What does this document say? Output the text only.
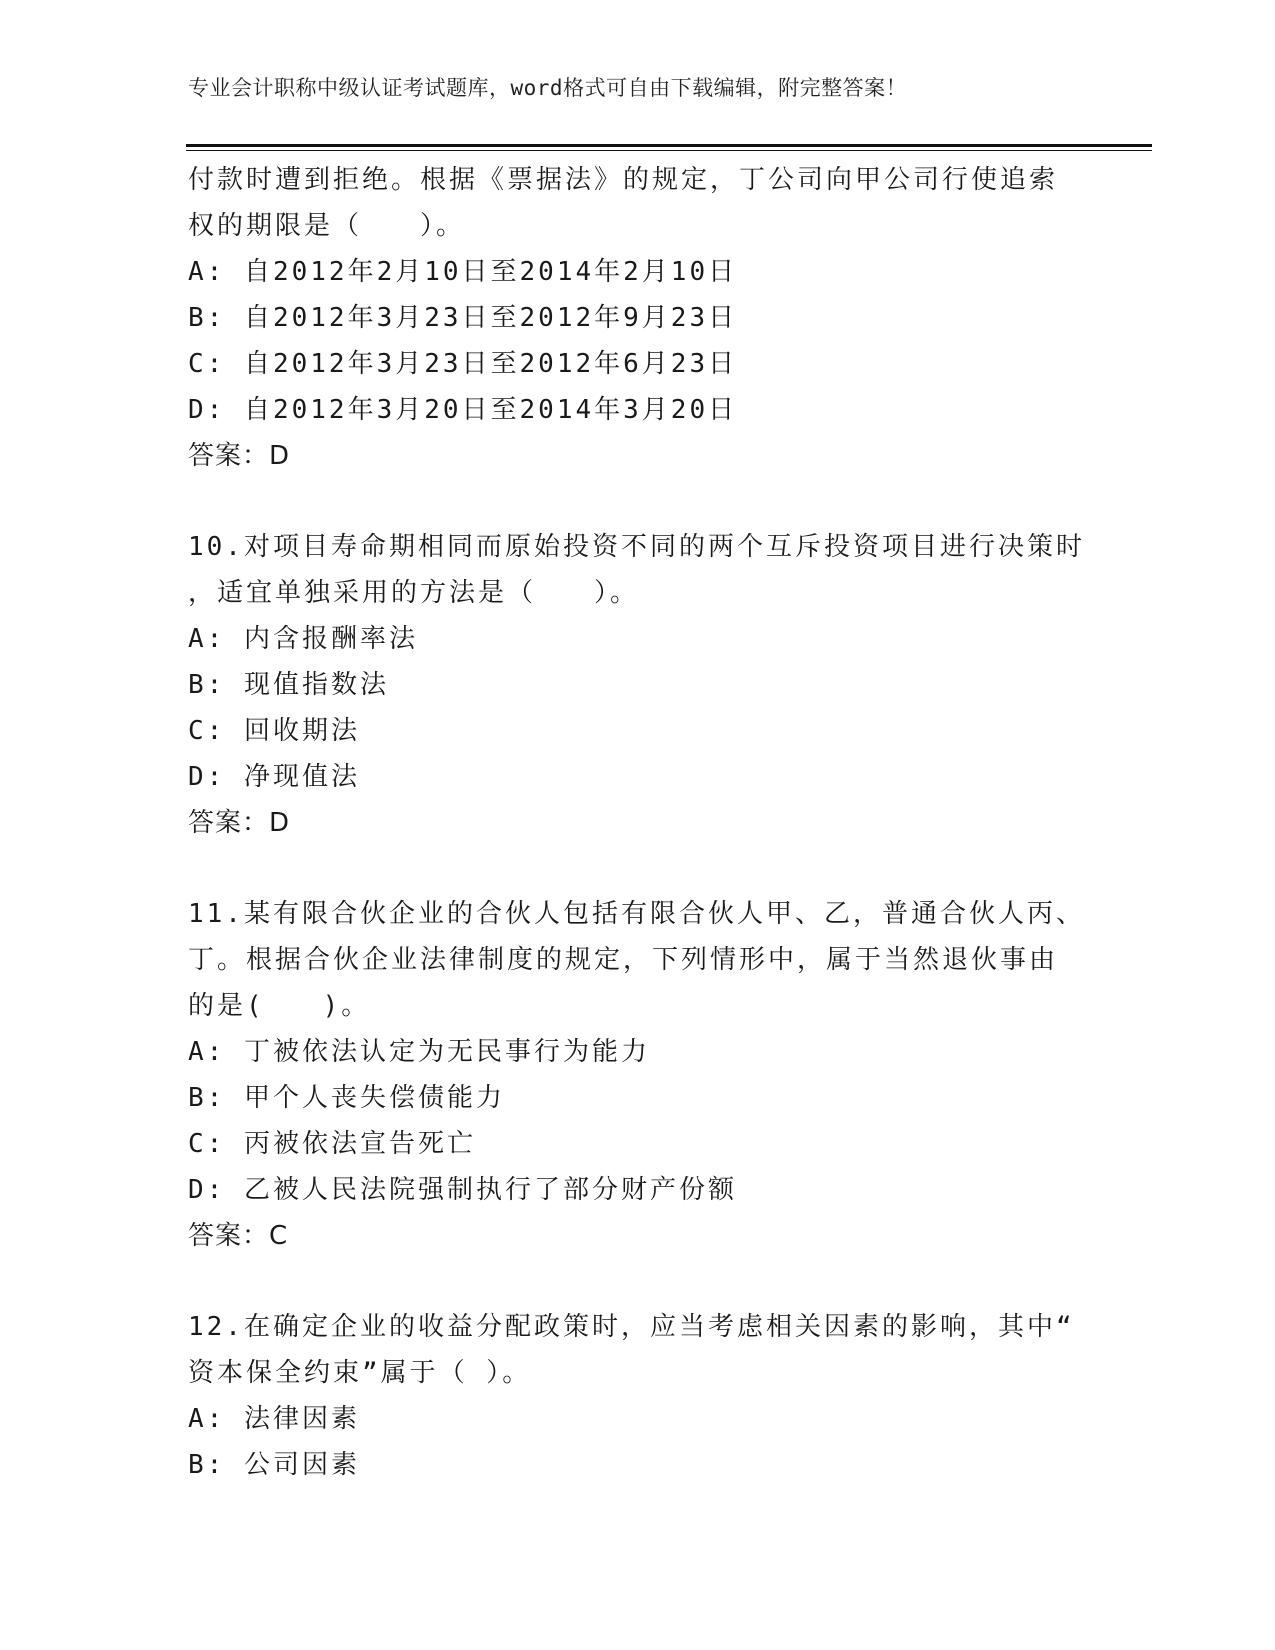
专业会计职称中级认证考试题库，word格式可自由下载编辑，附完整答案！
付款时遭到拒绝。根据《票据法》的规定，丁公司向甲公司行使追索
权的期限是（　　）。
A: 自2012年2月10日至2014年2月10日
B: 自2012年3月23日至2012年9月23日
C: 自2012年3月23日至2012年6月23日
D: 自2012年3月20日至2014年3月20日
答案：D
10.对项目寿命期相同而原始投资不同的两个互斥投资项目进行决策时
，适宜单独采用的方法是（　　）。
A: 内含报酬率法
B: 现值指数法
C: 回收期法
D: 净现值法
答案：D
11.某有限合伙企业的合伙人包括有限合伙人甲、乙，普通合伙人丙、
丁。根据合伙企业法律制度的规定，下列情形中，属于当然退伙事由
的是(　　)。
A: 丁被依法认定为无民事行为能力
B: 甲个人丧失偿债能力
C: 丙被依法宣告死亡
D: 乙被人民法院强制执行了部分财产份额
答案：C
12.在确定企业的收益分配政策时，应当考虑相关因素的影响，其中“
资本保全约束”属于（ ）。
A: 法律因素
B: 公司因素
